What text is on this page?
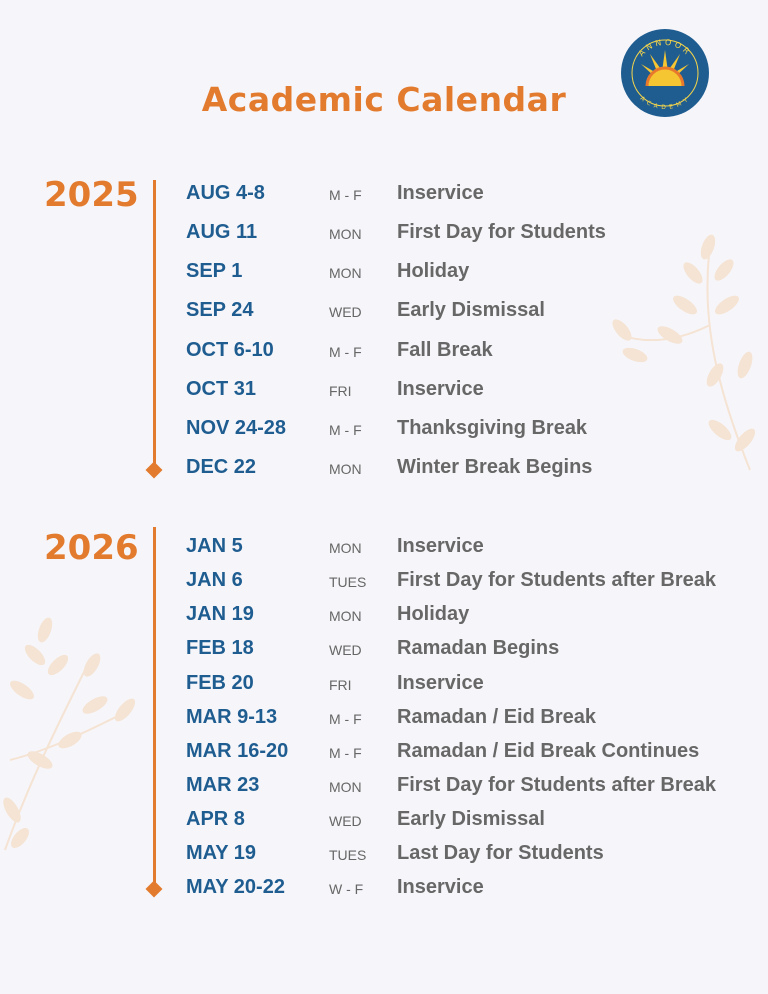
ANNOOR
ACADEMY
Academic Calendar
2025 AUG 4-8	M - F Inservice
AUG 11	MON First Day for Students
SEP 1	MON Holiday
SEP 24	WED Early Dismissal
OCT 6-10	M - F Fall Break
OCT 31	FRI Inservice
NOV 24-28	M - F Thanksgiving Break
DEC 22	MON Winter Break Begins
2026 JAN 5	MON Inservice
JAN 6	TUES First Day for Students after Break
JAN 19	MON Holiday
FEB 18	WED Ramadan Begins
FEB 20	FRI Inservice
MAR 9-13	M - F Ramadan / Eid Break
MAR 16-20	M - F Ramadan / Eid Break Continues
MAR 23	MON First Day for Students after Break
APR 8	WED Early Dismissal
MAY 19	TUES Last Day for Students
MAY 20-22	W - F Inservice
